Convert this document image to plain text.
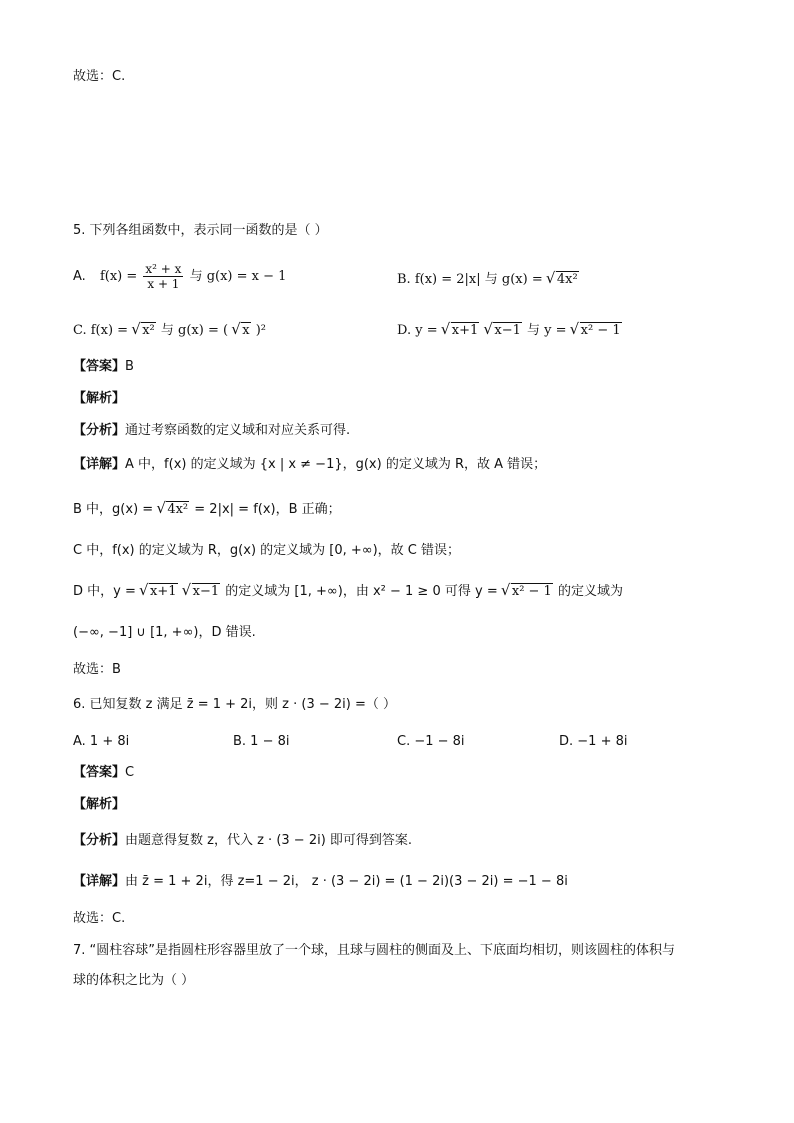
故选：C.
5. 下列各组函数中，表示同一函数的是（ ）
A. $f(x) = \frac{\text{x² + x}}{x + 1}$ 与 g(x) = x − 1	B. f(x) = 2|x| 与 g(x) = √ 4x²
C. f(x) = √ x² 与 g(x) = ( √ x )²	D. y = √ x+1 √ x−1 与 y = √ x² − 1
【答案】B
【解析】
【分析】通过考察函数的定义域和对应关系可得.
【详解】A 中，f(x) 的定义域为 {x | x ≠ −1}，g(x) 的定义域为 R，故 A 错误；
B 中，g(x) = √ 4x² = 2|x| = f(x)，B 正确；
C 中，f(x) 的定义域为 R，g(x) 的定义域为 [0, +∞)，故 C 错误；
D 中，y = √ x+1 √ x−1 的定义域为 [1, +∞)，由 x² − 1 ≥ 0 可得 y = √ x² − 1 的定义域为
(−∞, −1] ∪ [1, +∞)，D 错误.
故选：B
6. 已知复数 z 满足 z̄ = 1 + 2i，则 z · (3 − 2i) =（ ）
A. 1 + 8i	B. 1 − 8i	C. −1 − 8i	D. −1 + 8i
【答案】C
【解析】
【分析】由题意得复数 z，代入 z · (3 − 2i) 即可得到答案.
【详解】由 z̄ = 1 + 2i，得 z=1 − 2i， z · (3 − 2i) = (1 − 2i)(3 − 2i) = −1 − 8i
故选：C.
7. “圆柱容球”是指圆柱形容器里放了一个球，且球与圆柱的侧面及上、下底面均相切，则该圆柱的体积与
球的体积之比为（ ）
